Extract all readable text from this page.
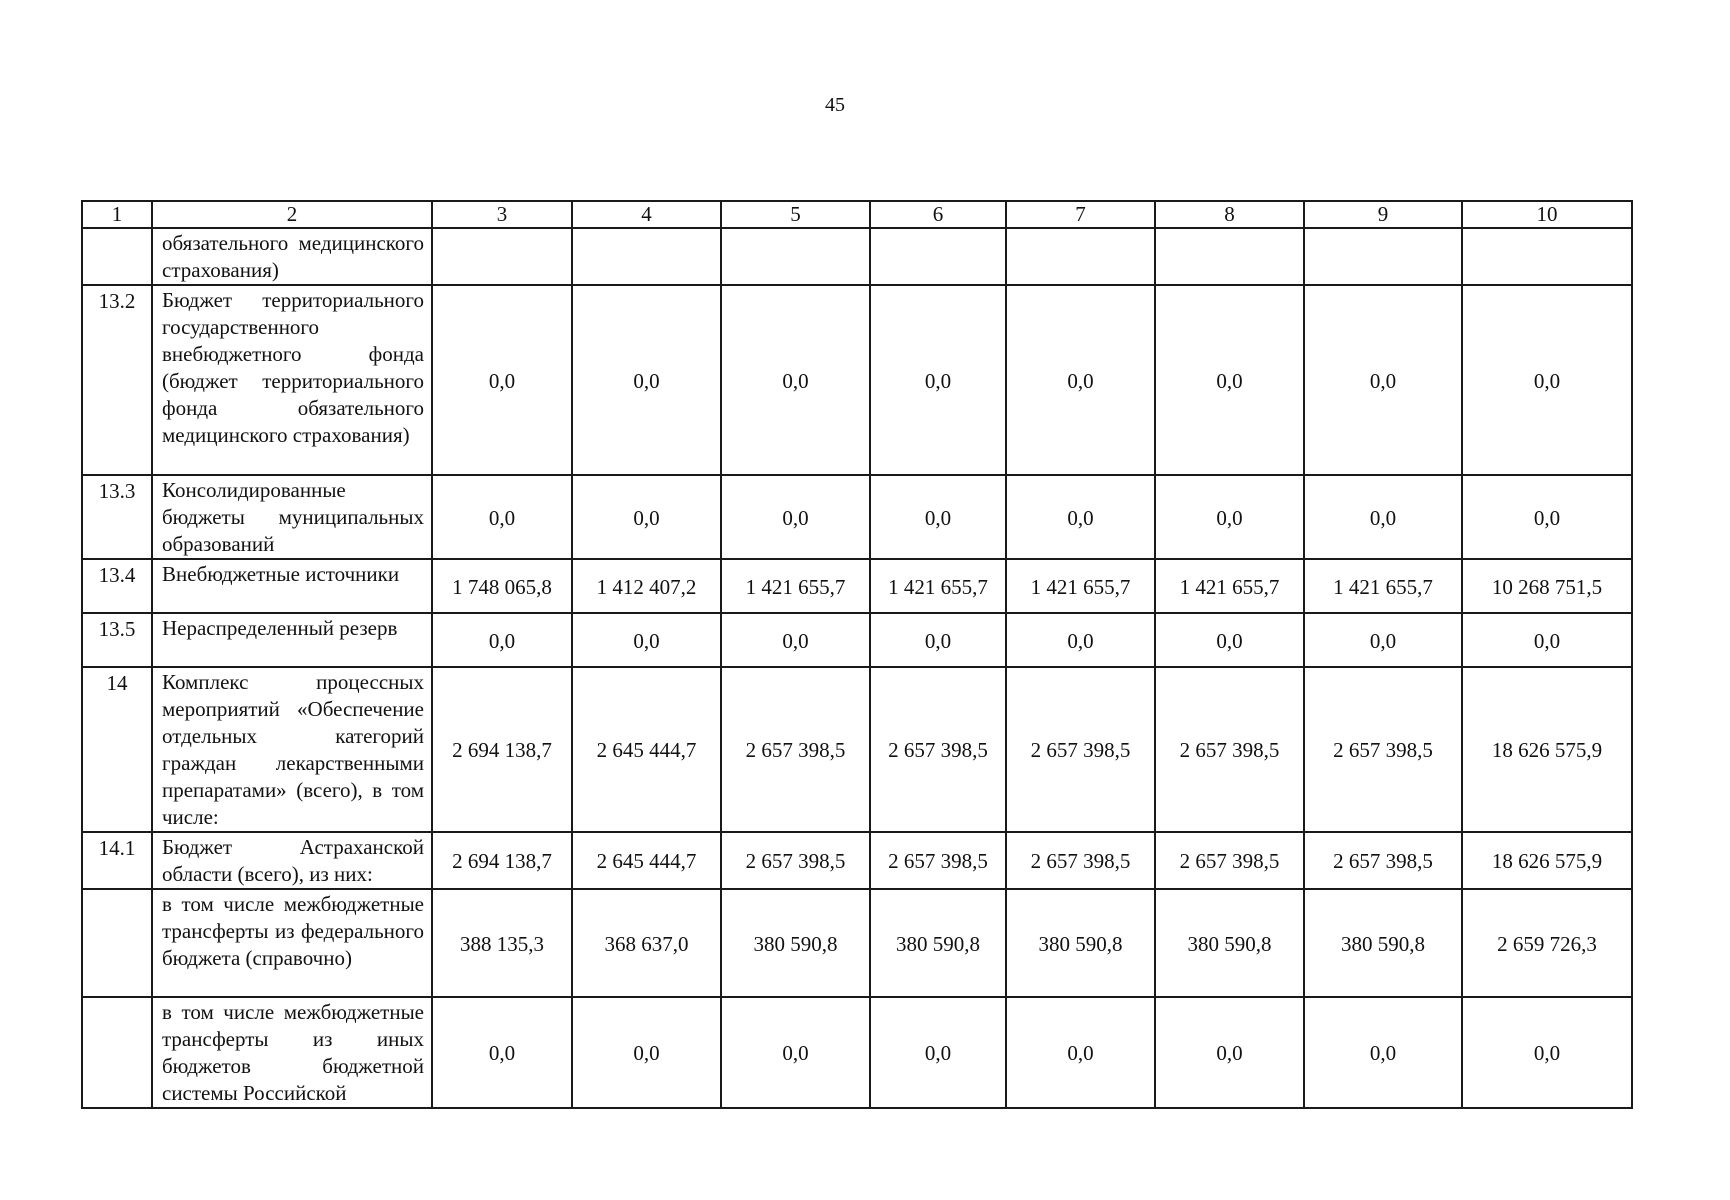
45
1	2	3	4	5	6	7	8	9	10
	обязательного медицинского страхования)								
13.2	Бюджет территориального государственного внебюджетного фонда (бюджет территориального фонда обязательного медицинского страхования)	0,0	0,0	0,0	0,0	0,0	0,0	0,0	0,0
13.3	Консолидированные бюджеты муниципальных образований	0,0	0,0	0,0	0,0	0,0	0,0	0,0	0,0
13.4	Внебюджетные источники	1 748 065,8	1 412 407,2	1 421 655,7	1 421 655,7	1 421 655,7	1 421 655,7	1 421 655,7	10 268 751,5
13.5	Нераспределенный резерв	0,0	0,0	0,0	0,0	0,0	0,0	0,0	0,0
14	Комплекс процессных мероприятий «Обеспечение отдельных категорий граждан лекарственными препаратами» (всего), в том числе:	2 694 138,7	2 645 444,7	2 657 398,5	2 657 398,5	2 657 398,5	2 657 398,5	2 657 398,5	18 626 575,9
14.1	Бюджет Астраханской области (всего), из них:	2 694 138,7	2 645 444,7	2 657 398,5	2 657 398,5	2 657 398,5	2 657 398,5	2 657 398,5	18 626 575,9
	в том числе межбюджетные трансферты из федерального бюджета (справочно)	388 135,3	368 637,0	380 590,8	380 590,8	380 590,8	380 590,8	380 590,8	2 659 726,3
	в том числе межбюджетные трансферты из иных бюджетов бюджетной системы Российской	0,0	0,0	0,0	0,0	0,0	0,0	0,0	0,0
